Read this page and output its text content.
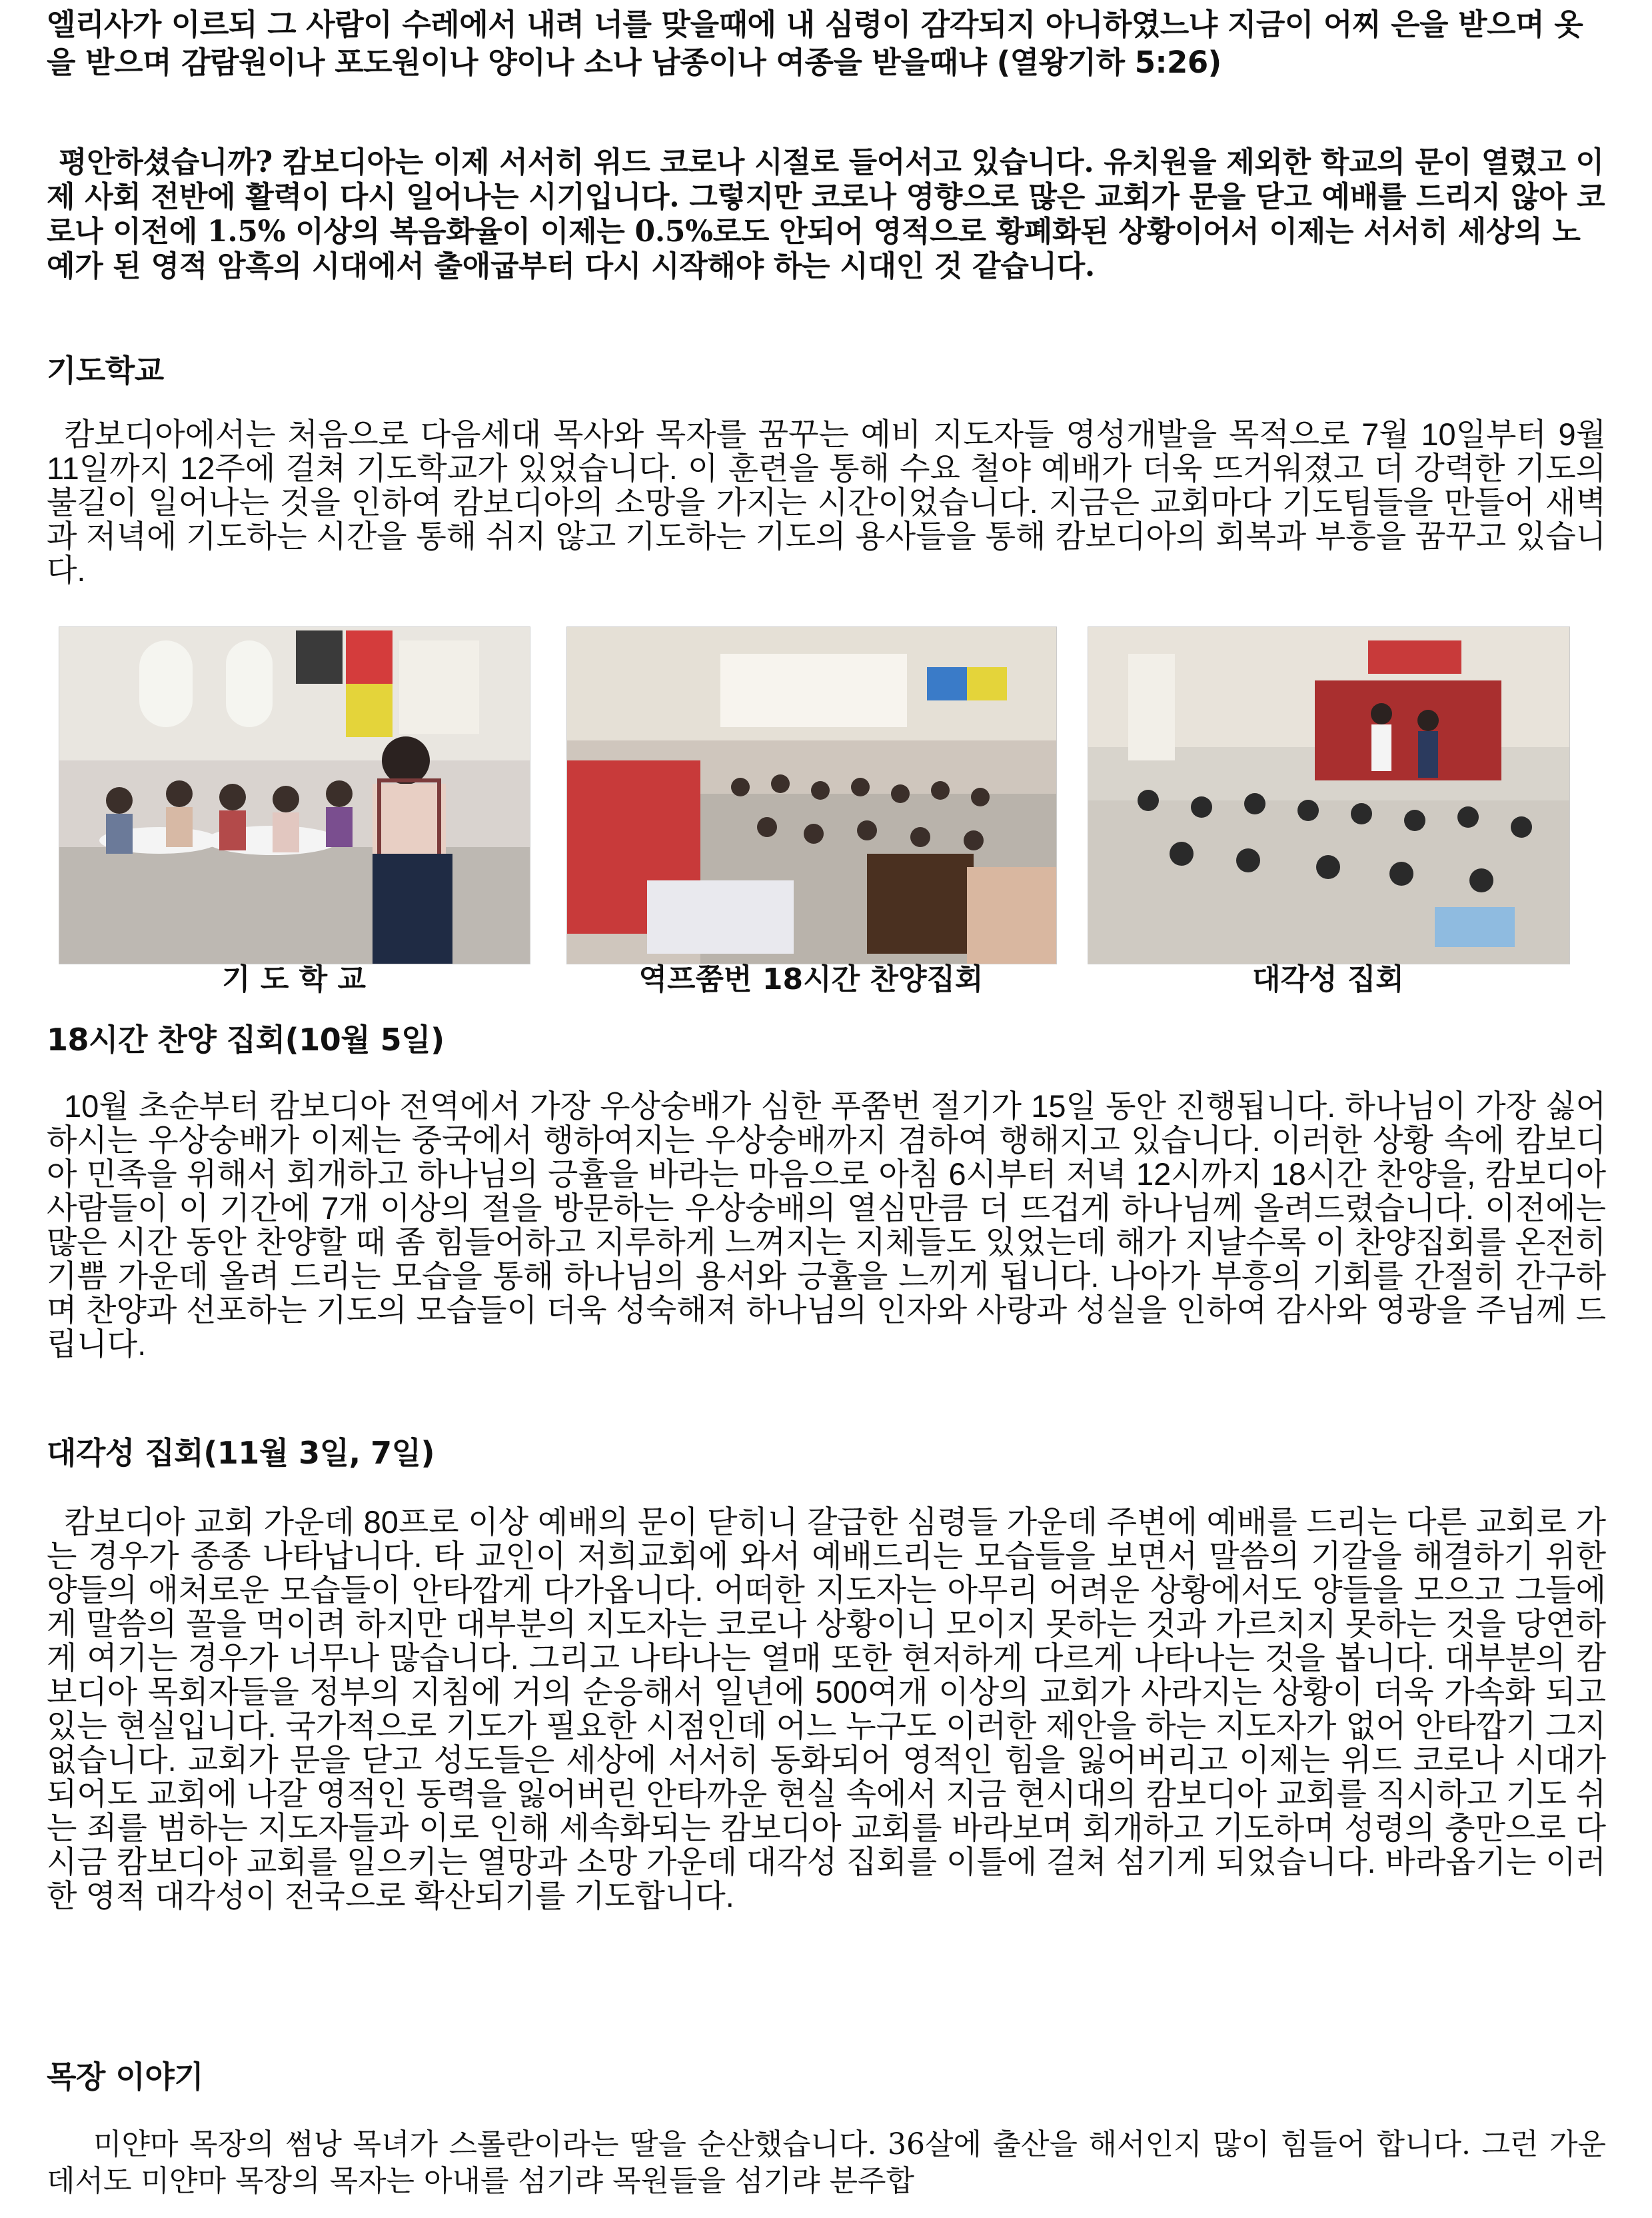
엘리사가 이르되 그 사람이 수레에서 내려 너를 맞을때에 내 심령이 감각되지 아니하였느냐 지금이 어찌 은을 받으며 옷을 받으며 감람원이나 포도원이나 양이나 소나 남종이나 여종을 받을때냐 (열왕기하 5:26)

평안하셨습니까? 캄보디아는 이제 서서히 위드 코로나 시절로 들어서고 있습니다. 유치원을 제외한 학교의 문이 열렸고 이제 사회 전반에 활력이 다시 일어나는 시기입니다. 그렇지만 코로나 영향으로 많은 교회가 문을 닫고 예배를 드리지 않아 코로나 이전에 1.5% 이상의 복음화율이 이제는 0.5%로도 안되어 영적으로 황폐화된 상황이어서 이제는 서서히 세상의 노예가 된 영적 암흑의 시대에서 출애굽부터 다시 시작해야 하는 시대인 것 같습니다.

기도학교

캄보디아에서는 처음으로 다음세대 목사와 목자를 꿈꾸는 예비 지도자들 영성개발을 목적으로 7월 10일부터 9월 11일까지 12주에 걸쳐 기도학교가 있었습니다. 이 훈련을 통해 수요 철야 예배가 더욱 뜨거워졌고 더 강력한 기도의 불길이 일어나는 것을 인하여 캄보디아의 소망을 가지는 시간이었습니다. 지금은 교회마다 기도팀들을 만들어 새벽과 저녁에 기도하는 시간을 통해 쉬지 않고 기도하는 기도의 용사들을 통해 캄보디아의 회복과 부흥을 꿈꾸고 있습니다.

기 도 학 교	역프쭘번 18시간 찬양집회	대각성 집회
18시간 찬양 집회(10월 5일)

10월 초순부터 캄보디아 전역에서 가장 우상숭배가 심한 푸쭘번 절기가 15일 동안 진행됩니다. 하나님이 가장 싫어하시는 우상숭배가 이제는 중국에서 행하여지는 우상숭배까지 겸하여 행해지고 있습니다. 이러한 상황 속에 캄보디아 민족을 위해서 회개하고 하나님의 긍휼을 바라는 마음으로 아침 6시부터 저녁 12시까지 18시간 찬양을, 캄보디아 사람들이 이 기간에 7개 이상의 절을 방문하는 우상숭배의 열심만큼 더 뜨겁게 하나님께 올려드렸습니다. 이전에는 많은 시간 동안 찬양할 때 좀 힘들어하고 지루하게 느껴지는 지체들도 있었는데 해가 지날수록 이 찬양집회를 온전히 기쁨 가운데 올려 드리는 모습을 통해 하나님의 용서와 긍휼을 느끼게 됩니다. 나아가 부흥의 기회를 간절히 간구하며 찬양과 선포하는 기도의 모습들이 더욱 성숙해져 하나님의 인자와 사랑과 성실을 인하여 감사와 영광을 주님께 드립니다.

대각성 집회(11월 3일, 7일)

캄보디아 교회 가운데 80프로 이상 예배의 문이 닫히니 갈급한 심령들 가운데 주변에 예배를 드리는 다른 교회로 가는 경우가 종종 나타납니다. 타 교인이 저희교회에 와서 예배드리는 모습들을 보면서 말씀의 기갈을 해결하기 위한 양들의 애처로운 모습들이 안타깝게 다가옵니다. 어떠한 지도자는 아무리 어려운 상황에서도 양들을 모으고 그들에게 말씀의 꼴을 먹이려 하지만 대부분의 지도자는 코로나 상황이니 모이지 못하는 것과 가르치지 못하는 것을 당연하게 여기는 경우가 너무나 많습니다. 그리고 나타나는 열매 또한 현저하게 다르게 나타나는 것을 봅니다. 대부분의 캄보디아 목회자들을 정부의 지침에 거의 순응해서 일년에 500여개 이상의 교회가 사라지는 상황이 더욱 가속화 되고 있는 현실입니다. 국가적으로 기도가 필요한 시점인데 어느 누구도 이러한 제안을 하는 지도자가 없어 안타깝기 그지 없습니다. 교회가 문을 닫고 성도들은 세상에 서서히 동화되어 영적인 힘을 잃어버리고 이제는 위드 코로나 시대가 되어도 교회에 나갈 영적인 동력을 잃어버린 안타까운 현실 속에서 지금 현시대의 캄보디아 교회를 직시하고 기도 쉬는 죄를 범하는 지도자들과 이로 인해 세속화되는 캄보디아 교회를 바라보며 회개하고 기도하며 성령의 충만으로 다시금 캄보디아 교회를 일으키는 열망과 소망 가운데 대각성 집회를 이틀에 걸쳐 섬기게 되었습니다. 바라옵기는 이러한 영적 대각성이 전국으로 확산되기를 기도합니다.

목장 이야기

미얀마 목장의 썸낭 목녀가 스롤란이라는 딸을 순산했습니다. 36살에 출산을 해서인지 많이 힘들어 합니다. 그런 가운데서도 미얀마 목장의 목자는 아내를 섬기랴 목원들을 섬기랴 분주합
